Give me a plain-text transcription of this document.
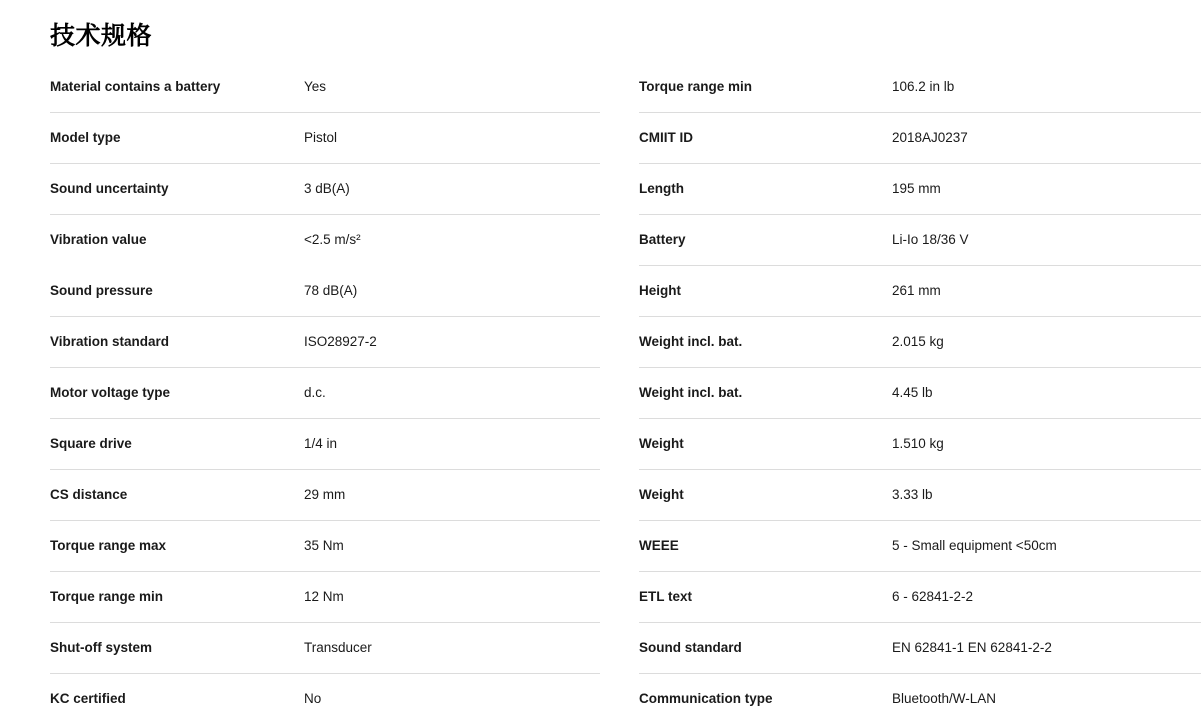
技术规格
Material contains a battery	Yes
Model type	Pistol
Sound uncertainty	3 dB(A)
Vibration value	<2.5 m/s²
Sound pressure	78 dB(A)
Vibration standard	ISO28927-2
Motor voltage type	d.c.
Square drive	1/4 in
CS distance	29 mm
Torque range max	35 Nm
Torque range min	12 Nm
Shut-off system	Transducer
KC certified	No
Torque range min	106.2 in lb
CMIIT ID	2018AJ0237
Length	195 mm
Battery	Li-Io 18/36 V
Height	261 mm
Weight incl. bat.	2.015 kg
Weight incl. bat.	4.45 lb
Weight	1.510 kg
Weight	3.33 lb
WEEE	5 - Small equipment <50cm
ETL text	6 - 62841-2-2
Sound standard	EN 62841-1 EN 62841-2-2
Communication type	Bluetooth/W-LAN
